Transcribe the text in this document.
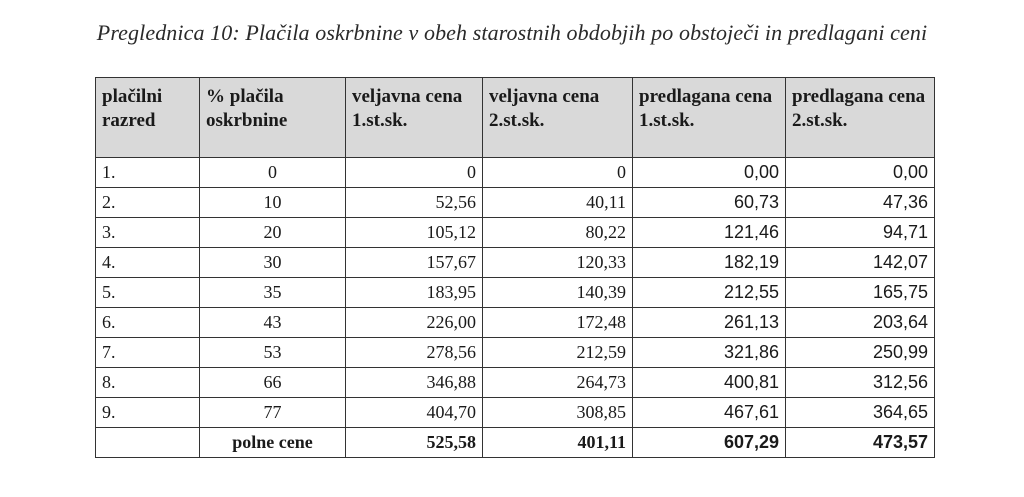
Preglednica 10: Plačila oskrbnine v obeh starostnih obdobjih po obstoječi in predlagani ceni
plačilni razred	% plačila oskrbnine	veljavna cena 1.st.sk.	veljavna cena 2.st.sk.	predlagana cena 1.st.sk.	predlagana cena 2.st.sk.
1.	0	0	0	0,00	0,00
2.	10	52,56	40,11	60,73	47,36
3.	20	105,12	80,22	121,46	94,71
4.	30	157,67	120,33	182,19	142,07
5.	35	183,95	140,39	212,55	165,75
6.	43	226,00	172,48	261,13	203,64
7.	53	278,56	212,59	321,86	250,99
8.	66	346,88	264,73	400,81	312,56
9.	77	404,70	308,85	467,61	364,65
	polne cene	525,58	401,11	607,29	473,57
